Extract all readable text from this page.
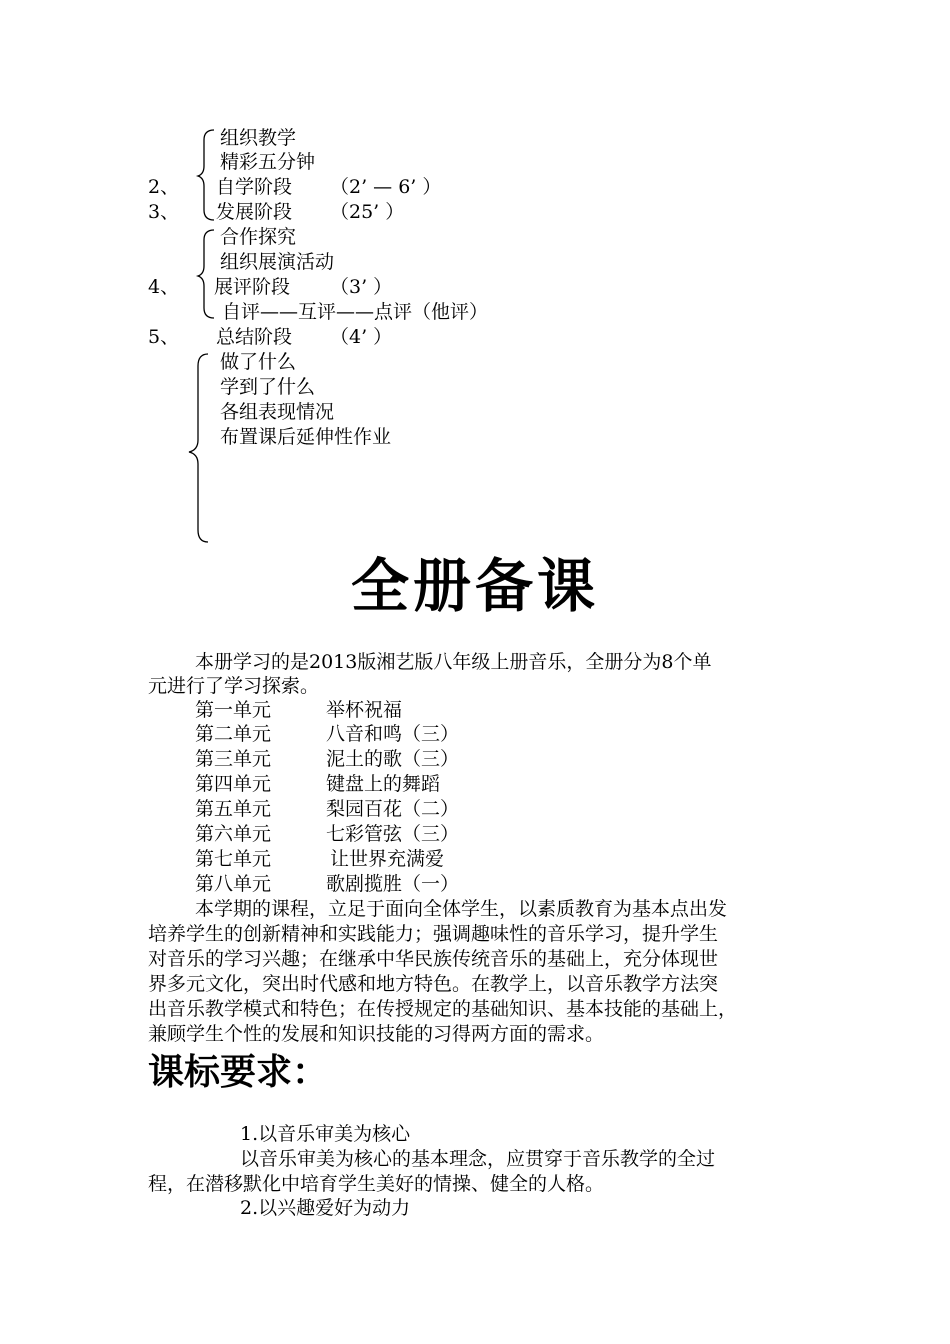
组织教学
精彩五分钟
2、 自学阶段 （2’ — 6’ ）
3、 发展阶段 （25’ ）
合作探究
组织展演活动
4、 展评阶段 （3’ ）
自评——互评——点评（他评）
5、 总结阶段 （4’ ）
做了什么
学到了什么
各组表现情况
布置课后延伸性作业
全册备课
本册学习的是2013版湘艺版八年级上册音乐，全册分为8个单
元进行了学习探索。
第一单元	举杯祝福
第二单元	八音和鸣（三）
第三单元	泥土的歌（三）
第四单元	键盘上的舞蹈
第五单元	梨园百花（二）
第六单元	七彩管弦（三）
第七单元	让世界充满爱
第八单元	歌剧揽胜（一）
本学期的课程，立足于面向全体学生，以素质教育为基本点出发
培养学生的创新精神和实践能力；强调趣味性的音乐学习，提升学生
对音乐的学习兴趣；在继承中华民族传统音乐的基础上，充分体现世
界多元文化，突出时代感和地方特色。在教学上，以音乐教学方法突
出音乐教学模式和特色；在传授规定的基础知识、基本技能的基础上，
兼顾学生个性的发展和知识技能的习得两方面的需求。
课标要求：
1.以音乐审美为核心
以音乐审美为核心的基本理念，应贯穿于音乐教学的全过
程，在潜移默化中培育学生美好的情操、健全的人格。
2.以兴趣爱好为动力
